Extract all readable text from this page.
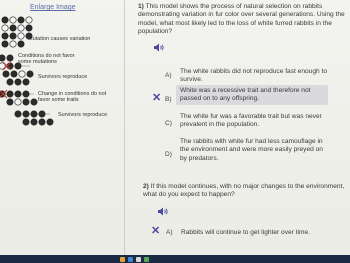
Enlarge Image
Mutation causes variation
Conditions do not favor some mutations
Survivors reproduce
Change in conditions do not favor some traits
Survivors reproduce
1) This model shows the process of natural selection on rabbits demonstrating variation in fur color over several generations. Using the model, what most likely led to the loss of white furred rabbits in the population?
A)
The white rabbits did not reproduce fast enough to survive.
✕ B)
White was a recessive trait and therefore not passed on to any offspring.
C)
The white fur was a favorable trait but was never prevalent in the population.
D)
The rabbits with white fur had less camouflage in the environment and were more easily preyed on by predators.
2) If this model continues, with no major changes to the environment, what do you expect to happen?
✕ A) Rabbits will continue to get lighter over time.
